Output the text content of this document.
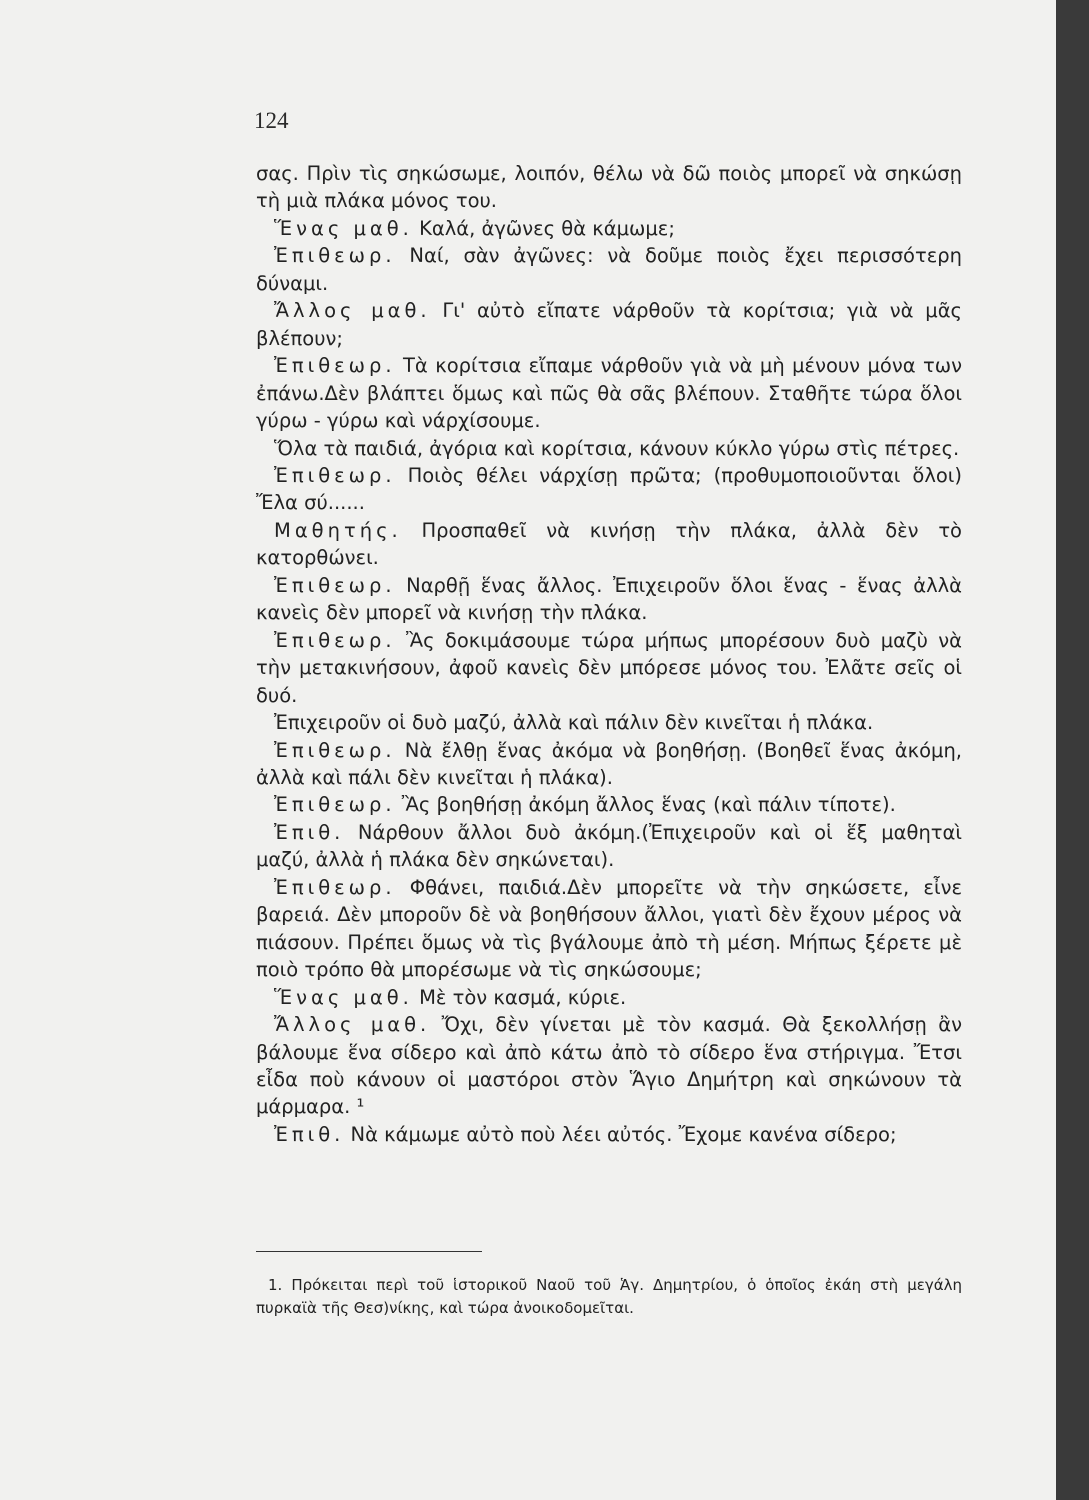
124

σας. Πρὶν τὶς σηκώσωμε, λοιπόν, θέλω νὰ δῶ ποιὸς μπορεῖ νὰ σηκώσῃ τὴ μιὰ πλάκα μόνος του.

Ἕνας μαθ. Καλά, ἀγῶνες θὰ κάμωμε;

Ἐπιθεωρ. Ναί, σὰν ἀγῶνες: νὰ δοῦμε ποιὸς ἔχει περισσότερη δύναμι.

Ἄλλος μαθ. Γι' αὐτὸ εἴπατε νάρθοῦν τὰ κορίτσια; γιὰ νὰ μᾶς βλέπουν;

Ἐπιθεωρ. Τὰ κορίτσια εἴπαμε νάρθοῦν γιὰ νὰ μὴ μένουν μόνα των ἐπάνω.Δὲν βλάπτει ὅμως καὶ πῶς θὰ σᾶς βλέπουν. Σταθῆτε τώρα ὅλοι γύρω - γύρω καὶ νάρχίσουμε.

Ὅλα τὰ παιδιά, ἀγόρια καὶ κορίτσια, κάνουν κύκλο γύρω στὶς πέτρες.

Ἐπιθεωρ. Ποιὸς θέλει νάρχίσῃ πρῶτα; (προθυμοποιοῦνται ὅλοι) Ἔλα σύ......

Μαθητής. Προσπαθεῖ νὰ κινήσῃ τὴν πλάκα, ἀλλὰ δὲν τὸ κατορθώνει.

Ἐπιθεωρ. Ναρθῇ ἕνας ἄλλος. Ἐπιχειροῦν ὅλοι ἕνας - ἕνας ἀλλὰ κανεὶς δὲν μπορεῖ νὰ κινήσῃ τὴν πλάκα.

Ἐπιθεωρ. Ἂς δοκιμάσουμε τώρα μήπως μπορέσουν δυὸ μαζὺ νὰ τὴν μετακινήσουν, ἀφοῦ κανεὶς δὲν μπόρεσε μόνος του. Ἐλᾶτε σεῖς οἱ δυό.

Ἐπιχειροῦν οἱ δυὸ μαζύ, ἀλλὰ καὶ πάλιν δὲν κινεῖται ἡ πλάκα.

Ἐπιθεωρ. Νὰ ἔλθῃ ἕνας ἀκόμα νὰ βοηθήσῃ. (Βοηθεῖ ἕνας ἀκόμη, ἀλλὰ καὶ πάλι δὲν κινεῖται ἡ πλάκα).

Ἐπιθεωρ. Ἂς βοηθήσῃ ἀκόμη ἄλλος ἕνας (καὶ πάλιν τίποτε).

Ἐπιθ. Νάρθουν ἄλλοι δυὸ ἀκόμη.(Ἐπιχειροῦν καὶ οἱ ἕξ μαθηταὶ μαζύ, ἀλλὰ ἡ πλάκα δὲν σηκώνεται).

Ἐπιθεωρ. Φθάνει, παιδιά.Δὲν μπορεῖτε νὰ τὴν σηκώσετε, εἶνε βαρειά. Δὲν μποροῦν δὲ νὰ βοηθήσουν ἄλλοι, γιατὶ δὲν ἔχουν μέρος νὰ πιάσουν. Πρέπει ὅμως νὰ τὶς βγάλουμε ἀπὸ τὴ μέση. Μήπως ξέρετε μὲ ποιὸ τρόπο θὰ μπορέσωμε νὰ τὶς σηκώσουμε;

Ἕνας μαθ. Μὲ τὸν κασμά, κύριε.

Ἄλλος μαθ. Ὄχι, δὲν γίνεται μὲ τὸν κασμά. Θὰ ξεκολλήσῃ ἂν βάλουμε ἕνα σίδερο καὶ ἀπὸ κάτω ἀπὸ τὸ σίδερο ἕνα στήριγμα. Ἔτσι εἶδα ποὺ κάνουν οἱ μαστόροι στὸν Ἅγιο Δημήτρη καὶ σηκώνουν τὰ μάρμαρα. ¹

Ἐπιθ. Νὰ κάμωμε αὐτὸ ποὺ λέει αὐτός. Ἔχομε κανένα σίδερο;

1. Πρόκειται περὶ τοῦ ἱστορικοῦ Ναοῦ τοῦ Ἁγ. Δημητρίου, ὁ ὁποῖος ἐκάη στὴ μεγάλη πυρκαϊὰ τῆς Θεσ)νίκης, καὶ τώρα ἀνοικοδομεῖται.
